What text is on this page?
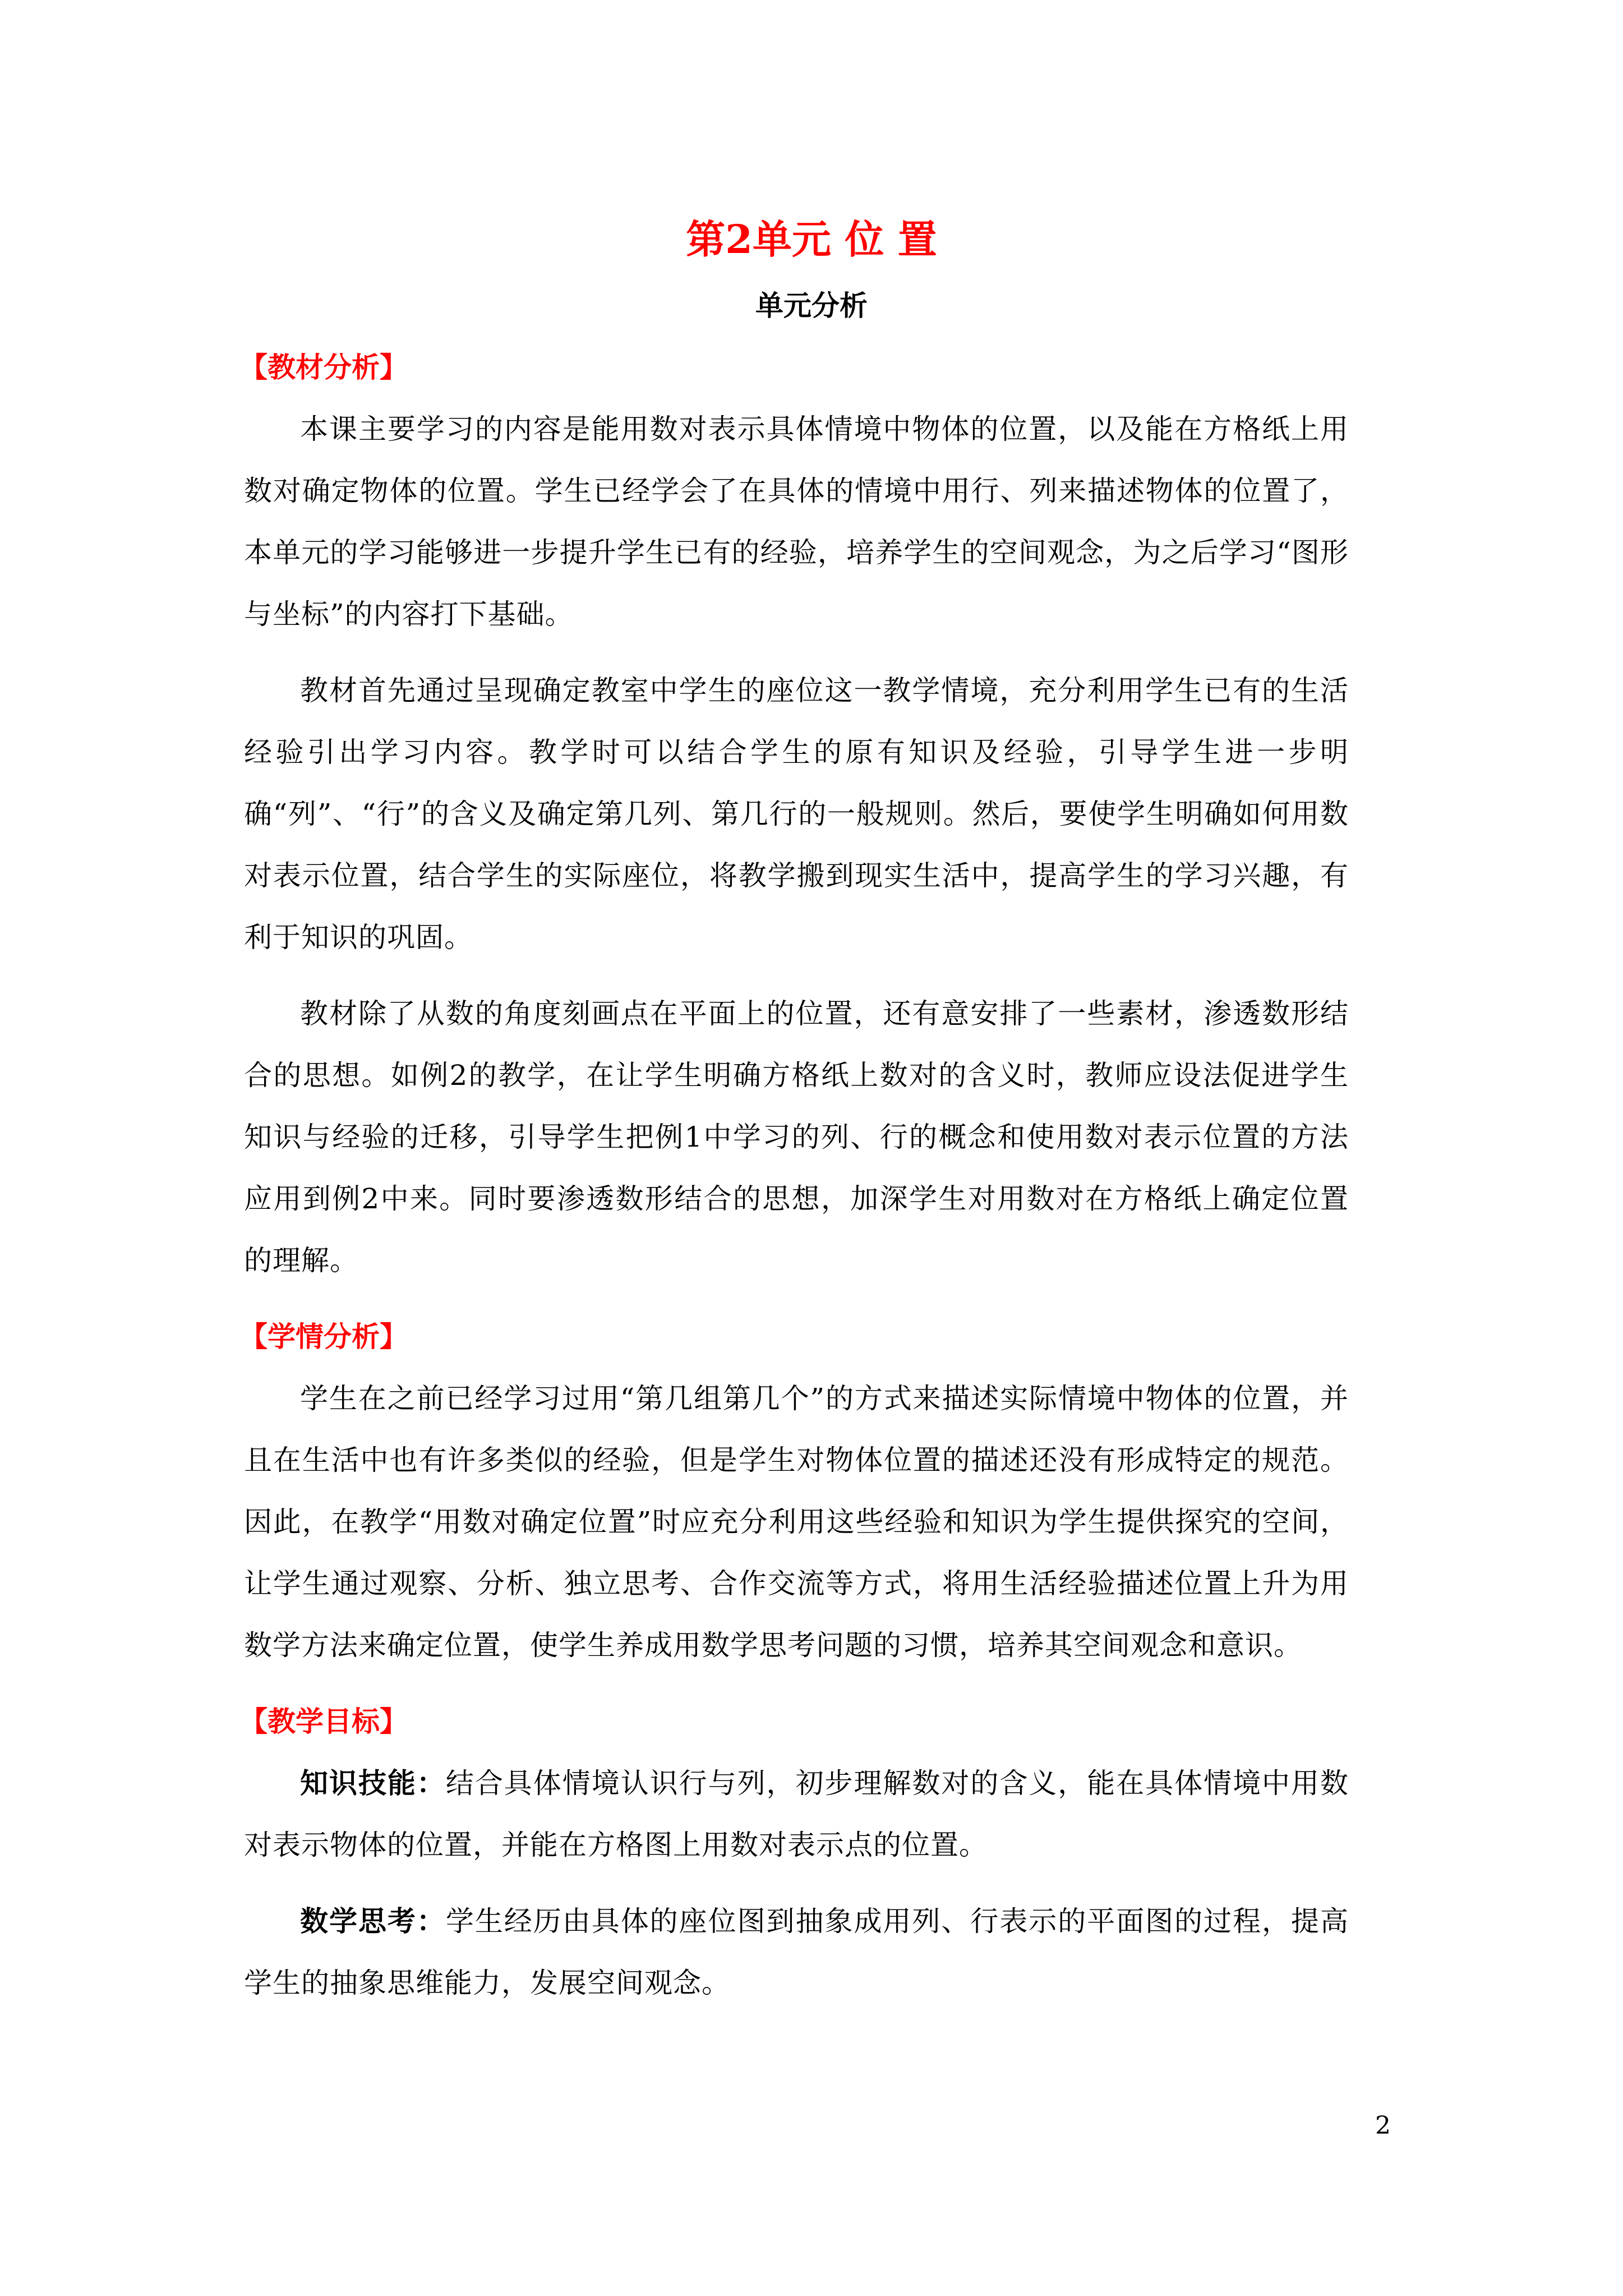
第2单元 位 置
单元分析
【教材分析】

本课主要学习的内容是能用数对表示具体情境中物体的位置，以及能在方格纸上用数对确定物体的位置。学生已经学会了在具体的情境中用行、列来描述物体的位置了，本单元的学习能够进一步提升学生已有的经验，培养学生的空间观念，为之后学习“图形与坐标”的内容打下基础。

教材首先通过呈现确定教室中学生的座位这一教学情境，充分利用学生已有的生活经验引出学习内容。教学时可以结合学生的原有知识及经验，引导学生进一步明确“列”、“行”的含义及确定第几列、第几行的一般规则。然后，要使学生明确如何用数对表示位置，结合学生的实际座位，将教学搬到现实生活中，提高学生的学习兴趣，有利于知识的巩固。

教材除了从数的角度刻画点在平面上的位置，还有意安排了一些素材，渗透数形结合的思想。如例2的教学，在让学生明确方格纸上数对的含义时，教师应设法促进学生知识与经验的迁移，引导学生把例1中学习的列、行的概念和使用数对表示位置的方法应用到例2中来。同时要渗透数形结合的思想，加深学生对用数对在方格纸上确定位置的理解。

【学情分析】

学生在之前已经学习过用“第几组第几个”的方式来描述实际情境中物体的位置，并且在生活中也有许多类似的经验，但是学生对物体位置的描述还没有形成特定的规范。因此，在教学“用数对确定位置”时应充分利用这些经验和知识为学生提供探究的空间，让学生通过观察、分析、独立思考、合作交流等方式，将用生活经验描述位置上升为用数学方法来确定位置，使学生养成用数学思考问题的习惯，培养其空间观念和意识。

【教学目标】

知识技能：结合具体情境认识行与列，初步理解数对的含义，能在具体情境中用数对表示物体的位置，并能在方格图上用数对表示点的位置。

数学思考：学生经历由具体的座位图到抽象成用列、行表示的平面图的过程，提高学生的抽象思维能力，发展空间观念。

2
